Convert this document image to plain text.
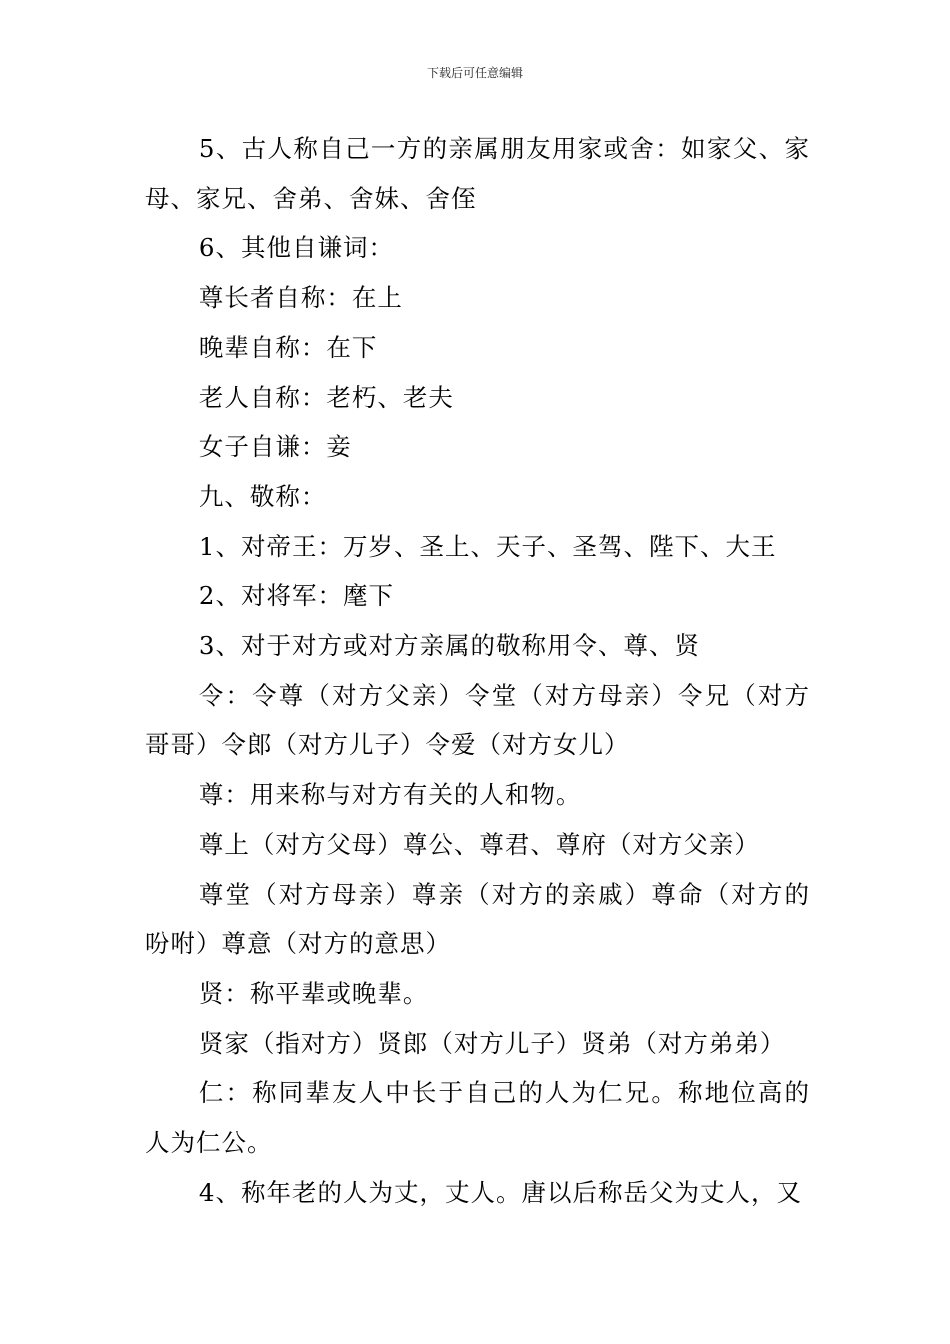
下载后可任意编辑

5、古人称自己一方的亲属朋友用家或舍：如家父、家母、家兄、舍弟、舍妹、舍侄

6、其他自谦词：

尊长者自称：在上

晚辈自称：在下

老人自称：老朽、老夫

女子自谦：妾

九、敬称：

1、对帝王：万岁、圣上、天子、圣驾、陛下、大王

2、对将军：麾下

3、对于对方或对方亲属的敬称用令、尊、贤

令：令尊（对方父亲）令堂（对方母亲）令兄（对方哥哥）令郎（对方儿子）令爱（对方女儿）

尊：用来称与对方有关的人和物。

尊上（对方父母）尊公、尊君、尊府（对方父亲）

尊堂（对方母亲）尊亲（对方的亲戚）尊命（对方的吩咐）尊意（对方的意思）

贤：称平辈或晚辈。

贤家（指对方）贤郎（对方儿子）贤弟（对方弟弟）

仁：称同辈友人中长于自己的人为仁兄。称地位高的人为仁公。

4、称年老的人为丈，丈人。唐以后称岳父为丈人，又
